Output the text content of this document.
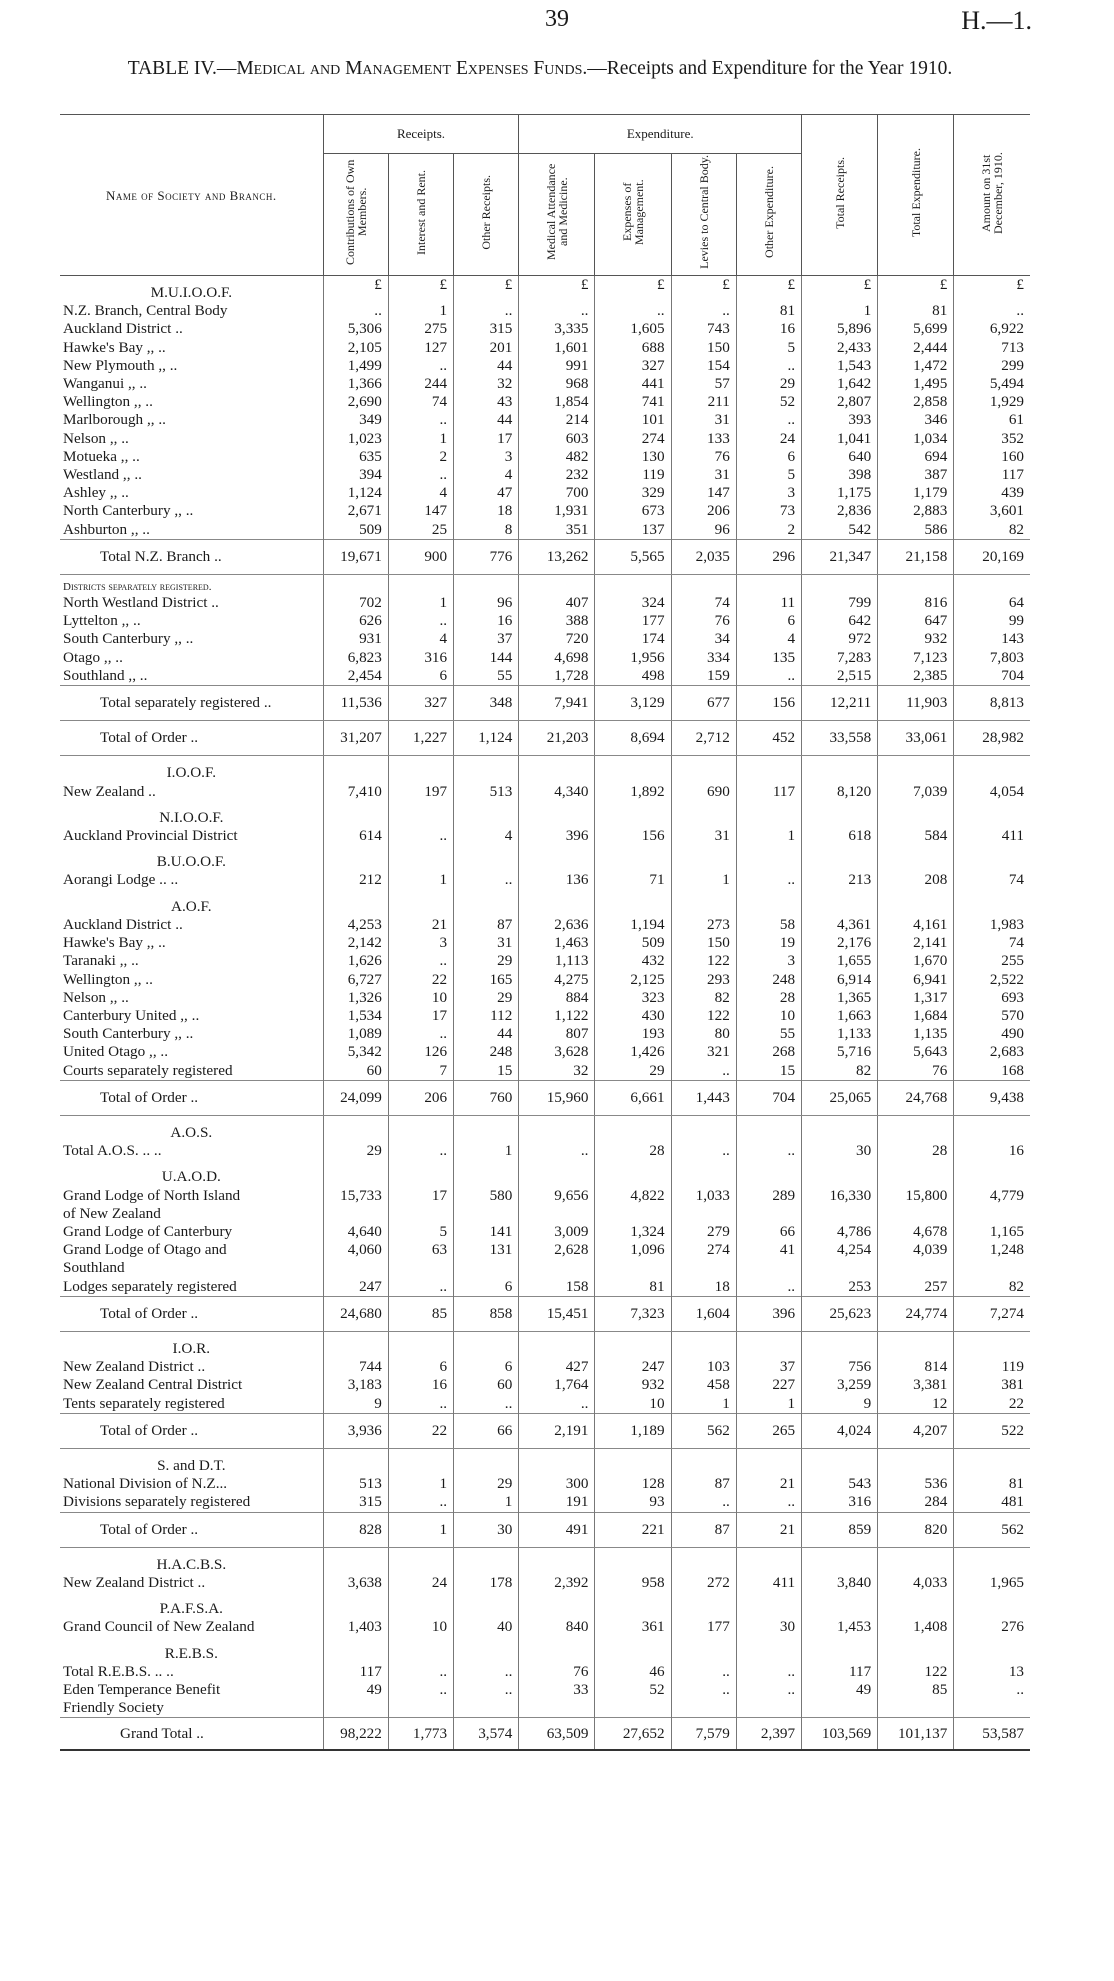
39	H.—1.
TABLE IV.—Medical and Management Expenses Funds.—Receipts and Expenditure for the Year 1910.
Name of Society and Branch.	Receipts.			Expenditure.				Total Receipts.	Total Expenditure.	Amount on 31st December, 1910.
	Contributions of Own Members.	Interest and Rent.	Other Receipts.	Medical Attendance and Medicine.	Expenses of Management.	Levies to Central Body.	Other Expenditure.			
M.U.I.O.O.F.	£	£	£	£	£	£	£	£	£	£
N.Z. Branch, Central Body	..	1	..	..	..	..	81	1	81	..
Auckland District ..	5,306	275	315	3,335	1,605	743	16	5,896	5,699	6,922
Hawke's Bay ,, ..	2,105	127	201	1,601	688	150	5	2,433	2,444	713
New Plymouth ,, ..	1,499	..	44	991	327	154	..	1,543	1,472	299
Wanganui ,, ..	1,366	244	32	968	441	57	29	1,642	1,495	5,494
Wellington ,, ..	2,690	74	43	1,854	741	211	52	2,807	2,858	1,929
Marlborough ,, ..	349	..	44	214	101	31	..	393	346	61
Nelson ,, ..	1,023	1	17	603	274	133	24	1,041	1,034	352
Motueka ,, ..	635	2	3	482	130	76	6	640	694	160
Westland ,, ..	394	..	4	232	119	31	5	398	387	117
Ashley ,, ..	1,124	4	47	700	329	147	3	1,175	1,179	439
North Canterbury ,, ..	2,671	147	18	1,931	673	206	73	2,836	2,883	3,601
Ashburton ,, ..	509	25	8	351	137	96	2	542	586	82
Total N.Z. Branch ..	19,671	900	776	13,262	5,565	2,035	296	21,347	21,158	20,169
Districts separately registered.										
North Westland District ..	702	1	96	407	324	74	11	799	816	64
Lyttelton ,, ..	626	..	16	388	177	76	6	642	647	99
South Canterbury ,, ..	931	4	37	720	174	34	4	972	932	143
Otago ,, ..	6,823	316	144	4,698	1,956	334	135	7,283	7,123	7,803
Southland ,, ..	2,454	6	55	1,728	498	159	..	2,515	2,385	704
Total separately registered ..	11,536	327	348	7,941	3,129	677	156	12,211	11,903	8,813
Total of Order ..	31,207	1,227	1,124	21,203	8,694	2,712	452	33,558	33,061	28,982
I.O.O.F.										
New Zealand ..	7,410	197	513	4,340	1,892	690	117	8,120	7,039	4,054
N.I.O.O.F.										
Auckland Provincial District	614	..	4	396	156	31	1	618	584	411
B.U.O.O.F.										
Aorangi Lodge .. ..	212	1	..	136	71	1	..	213	208	74
A.O.F.										
Auckland District ..	4,253	21	87	2,636	1,194	273	58	4,361	4,161	1,983
Hawke's Bay ,, ..	2,142	3	31	1,463	509	150	19	2,176	2,141	74
Taranaki ,, ..	1,626	..	29	1,113	432	122	3	1,655	1,670	255
Wellington ,, ..	6,727	22	165	4,275	2,125	293	248	6,914	6,941	2,522
Nelson ,, ..	1,326	10	29	884	323	82	28	1,365	1,317	693
Canterbury United ,, ..	1,534	17	112	1,122	430	122	10	1,663	1,684	570
South Canterbury ,, ..	1,089	..	44	807	193	80	55	1,133	1,135	490
United Otago ,, ..	5,342	126	248	3,628	1,426	321	268	5,716	5,643	2,683
Courts separately registered	60	7	15	32	29	..	15	82	76	168
Total of Order ..	24,099	206	760	15,960	6,661	1,443	704	25,065	24,768	9,438
A.O.S.										
Total A.O.S. .. ..	29	..	1	..	28	..	..	30	28	16
U.A.O.D.										
Grand Lodge of North Island	15,733	17	580	9,656	4,822	1,033	289	16,330	15,800	4,779
of New Zealand										
Grand Lodge of Canterbury	4,640	5	141	3,009	1,324	279	66	4,786	4,678	1,165
Grand Lodge of Otago and	4,060	63	131	2,628	1,096	274	41	4,254	4,039	1,248
Southland										
Lodges separately registered	247	..	6	158	81	18	..	253	257	82
Total of Order ..	24,680	85	858	15,451	7,323	1,604	396	25,623	24,774	7,274
I.O.R.										
New Zealand District ..	744	6	6	427	247	103	37	756	814	119
New Zealand Central District	3,183	16	60	1,764	932	458	227	3,259	3,381	381
Tents separately registered	9	..	..	..	10	1	1	9	12	22
Total of Order ..	3,936	22	66	2,191	1,189	562	265	4,024	4,207	522
S. and D.T.										
National Division of N.Z...	513	1	29	300	128	87	21	543	536	81
Divisions separately registered	315	..	1	191	93	..	..	316	284	481
Total of Order ..	828	1	30	491	221	87	21	859	820	562
H.A.C.B.S.										
New Zealand District ..	3,638	24	178	2,392	958	272	411	3,840	4,033	1,965
P.A.F.S.A.										
Grand Council of New Zealand	1,403	10	40	840	361	177	30	1,453	1,408	276
R.E.B.S.										
Total R.E.B.S. .. ..	117	..	..	76	46	..	..	117	122	13
Eden Temperance Benefit	49	..	..	33	52	..	..	49	85	..
Friendly Society										
Grand Total ..	98,222	1,773	3,574	63,509	27,652	7,579	2,397	103,569	101,137	53,587
